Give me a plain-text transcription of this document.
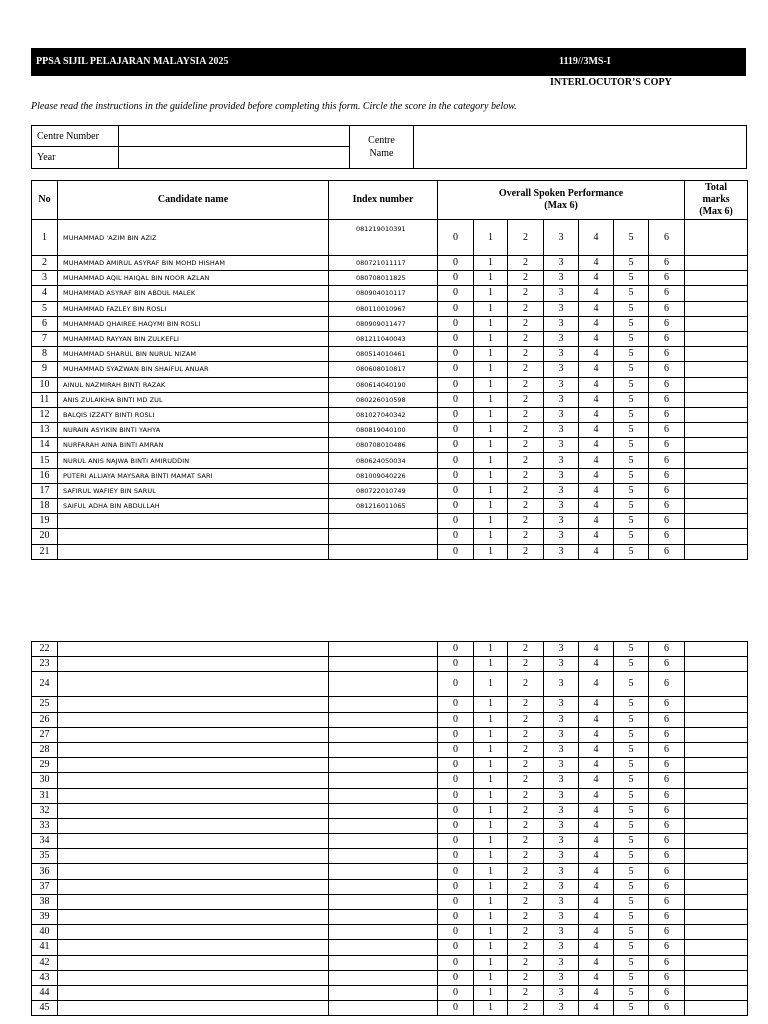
PPSA SIJIL PELAJARAN MALAYSIA 2025	1119//3MS-I
INTERLOCUTOR’S COPY
Please read the instructions in the guideline provided before completing this form. Circle the score in the category below.
Centre Number		Centre
Name	
Year			
No	Candidate name	Index number	Overall Spoken Performance
(Max 6)							Total
marks
(Max 6)
1	MUHAMMAD 'AZIM BIN AZIZ	081219010391	0	1	2	3	4	5	6	
2	MUHAMMAD AMIRUL ASYRAF BIN MOHD HISHAM	080721011117	0	1	2	3	4	5	6	
3	MUHAMMAD AQIL HAIQAL BIN NOOR AZLAN	080708011825	0	1	2	3	4	5	6	
4	MUHAMMAD ASYRAF BIN ABDUL MALEK	080904010117	0	1	2	3	4	5	6	
5	MUHAMMAD FAZLEY BIN ROSLI	080110010967	0	1	2	3	4	5	6	
6	MUHAMMAD QHAIREE HAQYMI BIN ROSLI	080909011477	0	1	2	3	4	5	6	
7	MUHAMMAD RAYYAN BIN ZULKEFLI	081211040043	0	1	2	3	4	5	6	
8	MUHAMMAD SHARUL BIN NURUL NIZAM	080514010461	0	1	2	3	4	5	6	
9	MUHAMMAD SYAZWAN BIN SHAIFUL ANUAR	080608010817	0	1	2	3	4	5	6	
10	AINUL NAZMIRAH BINTI RAZAK	080614040190	0	1	2	3	4	5	6	
11	ANIS ZULAIKHA BINTI MD ZUL	080226010598	0	1	2	3	4	5	6	
12	BALQIS IZZATY BINTI ROSLI	081027040342	0	1	2	3	4	5	6	
13	NURAIN ASYIKIN BINTI YAHYA	080819040100	0	1	2	3	4	5	6	
14	NURFARAH AINA BINTI AMRAN	080708010486	0	1	2	3	4	5	6	
15	NURUL ANIS NAJWA BINTI AMIRUDDIN	080624050034	0	1	2	3	4	5	6	
16	PUTERI ALLIAYA MAYSARA BINTI MAMAT SARI	081009040226	0	1	2	3	4	5	6	
17	SAFIRUL WAFIEY BIN SARUL	080722010749	0	1	2	3	4	5	6	
18	SAIFUL ADHA BIN ABDULLAH	081216011065	0	1	2	3	4	5	6	
19			0	1	2	3	4	5	6	
20			0	1	2	3	4	5	6	
21			0	1	2	3	4	5	6	
22			0	1	2	3	4	5	6	
23			0	1	2	3	4	5	6	
24			0	1	2	3	4	5	6	
25			0	1	2	3	4	5	6	
26			0	1	2	3	4	5	6	
27			0	1	2	3	4	5	6	
28			0	1	2	3	4	5	6	
29			0	1	2	3	4	5	6	
30			0	1	2	3	4	5	6	
31			0	1	2	3	4	5	6	
32			0	1	2	3	4	5	6	
33			0	1	2	3	4	5	6	
34			0	1	2	3	4	5	6	
35			0	1	2	3	4	5	6	
36			0	1	2	3	4	5	6	
37			0	1	2	3	4	5	6	
38			0	1	2	3	4	5	6	
39			0	1	2	3	4	5	6	
40			0	1	2	3	4	5	6	
41			0	1	2	3	4	5	6	
42			0	1	2	3	4	5	6	
43			0	1	2	3	4	5	6	
44			0	1	2	3	4	5	6	
45			0	1	2	3	4	5	6	
